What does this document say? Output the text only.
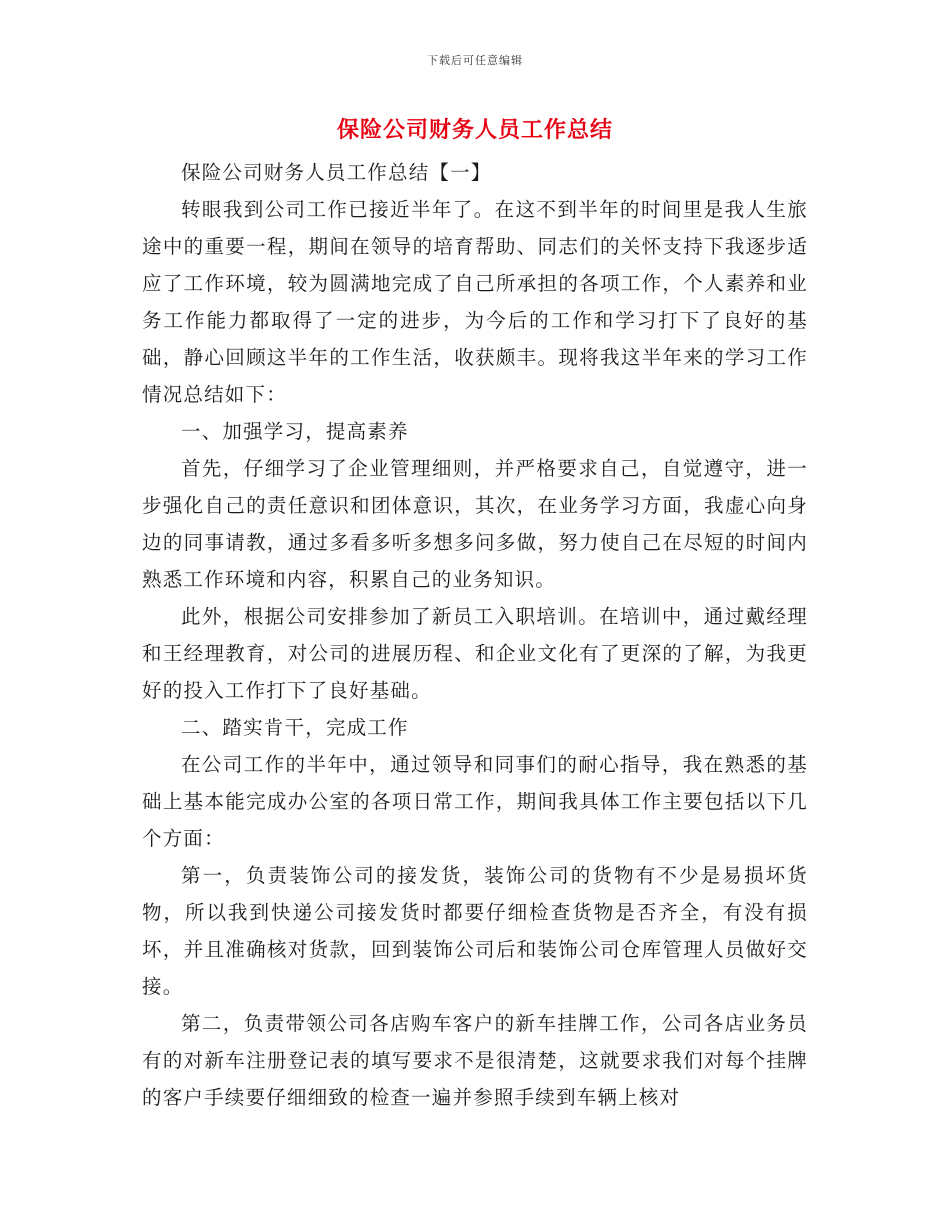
下载后可任意编辑
保险公司财务人员工作总结

保险公司财务人员工作总结【一】

转眼我到公司工作已接近半年了。在这不到半年的时间里是我人生旅途中的重要一程，期间在领导的培育帮助、同志们的关怀支持下我逐步适应了工作环境，较为圆满地完成了自己所承担的各项工作，个人素养和业务工作能力都取得了一定的进步，为今后的工作和学习打下了良好的基础，静心回顾这半年的工作生活，收获颇丰。现将我这半年来的学习工作情况总结如下：

一、加强学习，提高素养

首先，仔细学习了企业管理细则，并严格要求自己，自觉遵守，进一步强化自己的责任意识和团体意识，其次，在业务学习方面，我虚心向身边的同事请教，通过多看多听多想多问多做，努力使自己在尽短的时间内熟悉工作环境和内容，积累自己的业务知识。

此外，根据公司安排参加了新员工入职培训。在培训中，通过戴经理和王经理教育，对公司的进展历程、和企业文化有了更深的了解，为我更好的投入工作打下了良好基础。

二、踏实肯干，完成工作

在公司工作的半年中，通过领导和同事们的耐心指导，我在熟悉的基础上基本能完成办公室的各项日常工作，期间我具体工作主要包括以下几个方面：

第一，负责装饰公司的接发货，装饰公司的货物有不少是易损坏货物，所以我到快递公司接发货时都要仔细检查货物是否齐全，有没有损坏，并且准确核对货款，回到装饰公司后和装饰公司仓库管理人员做好交接。

第二，负责带领公司各店购车客户的新车挂牌工作，公司各店业务员有的对新车注册登记表的填写要求不是很清楚，这就要求我们对每个挂牌的客户手续要仔细细致的检查一遍并参照手续到车辆上核对
